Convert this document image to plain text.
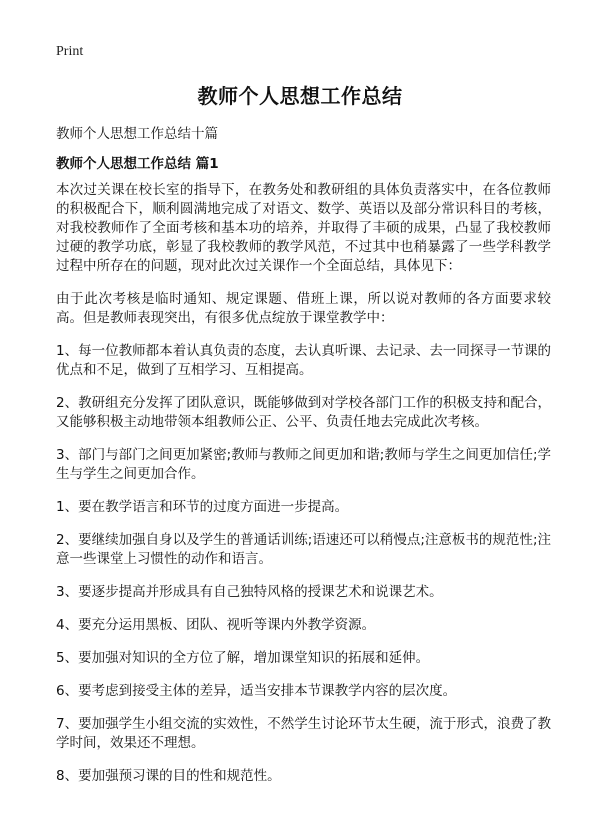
Print
教师个人思想工作总结

教师个人思想工作总结十篇

教师个人思想工作总结 篇1

本次过关课在校长室的指导下，在教务处和教研组的具体负责落实中，在各位教师的积极配合下，顺利圆满地完成了对语文、数学、英语以及部分常识科目的考核，对我校教师作了全面考核和基本功的培养，并取得了丰硕的成果，凸显了我校教师过硬的教学功底，彰显了我校教师的教学风范，不过其中也稍暴露了一些学科教学过程中所存在的问题，现对此次过关课作一个全面总结，具体见下：

由于此次考核是临时通知、规定课题、借班上课，所以说对教师的各方面要求较高。但是教师表现突出，有很多优点绽放于课堂教学中：

1、每一位教师都本着认真负责的态度，去认真听课、去记录、去一同探寻一节课的优点和不足，做到了互相学习、互相提高。

2、教研组充分发挥了团队意识，既能够做到对学校各部门工作的积极支持和配合，又能够积极主动地带领本组教师公正、公平、负责任地去完成此次考核。

3、部门与部门之间更加紧密;教师与教师之间更加和谐;教师与学生之间更加信任;学生与学生之间更加合作。

1、要在教学语言和环节的过度方面进一步提高。

2、要继续加强自身以及学生的普通话训练;语速还可以稍慢点;注意板书的规范性;注意一些课堂上习惯性的动作和语言。

3、要逐步提高并形成具有自己独特风格的授课艺术和说课艺术。

4、要充分运用黑板、团队、视听等课内外教学资源。

5、要加强对知识的全方位了解，增加课堂知识的拓展和延伸。

6、要考虑到接受主体的差异，适当安排本节课教学内容的层次度。

7、要加强学生小组交流的实效性，不然学生讨论环节太生硬，流于形式，浪费了教学时间，效果还不理想。

8、要加强预习课的目的性和规范性。
